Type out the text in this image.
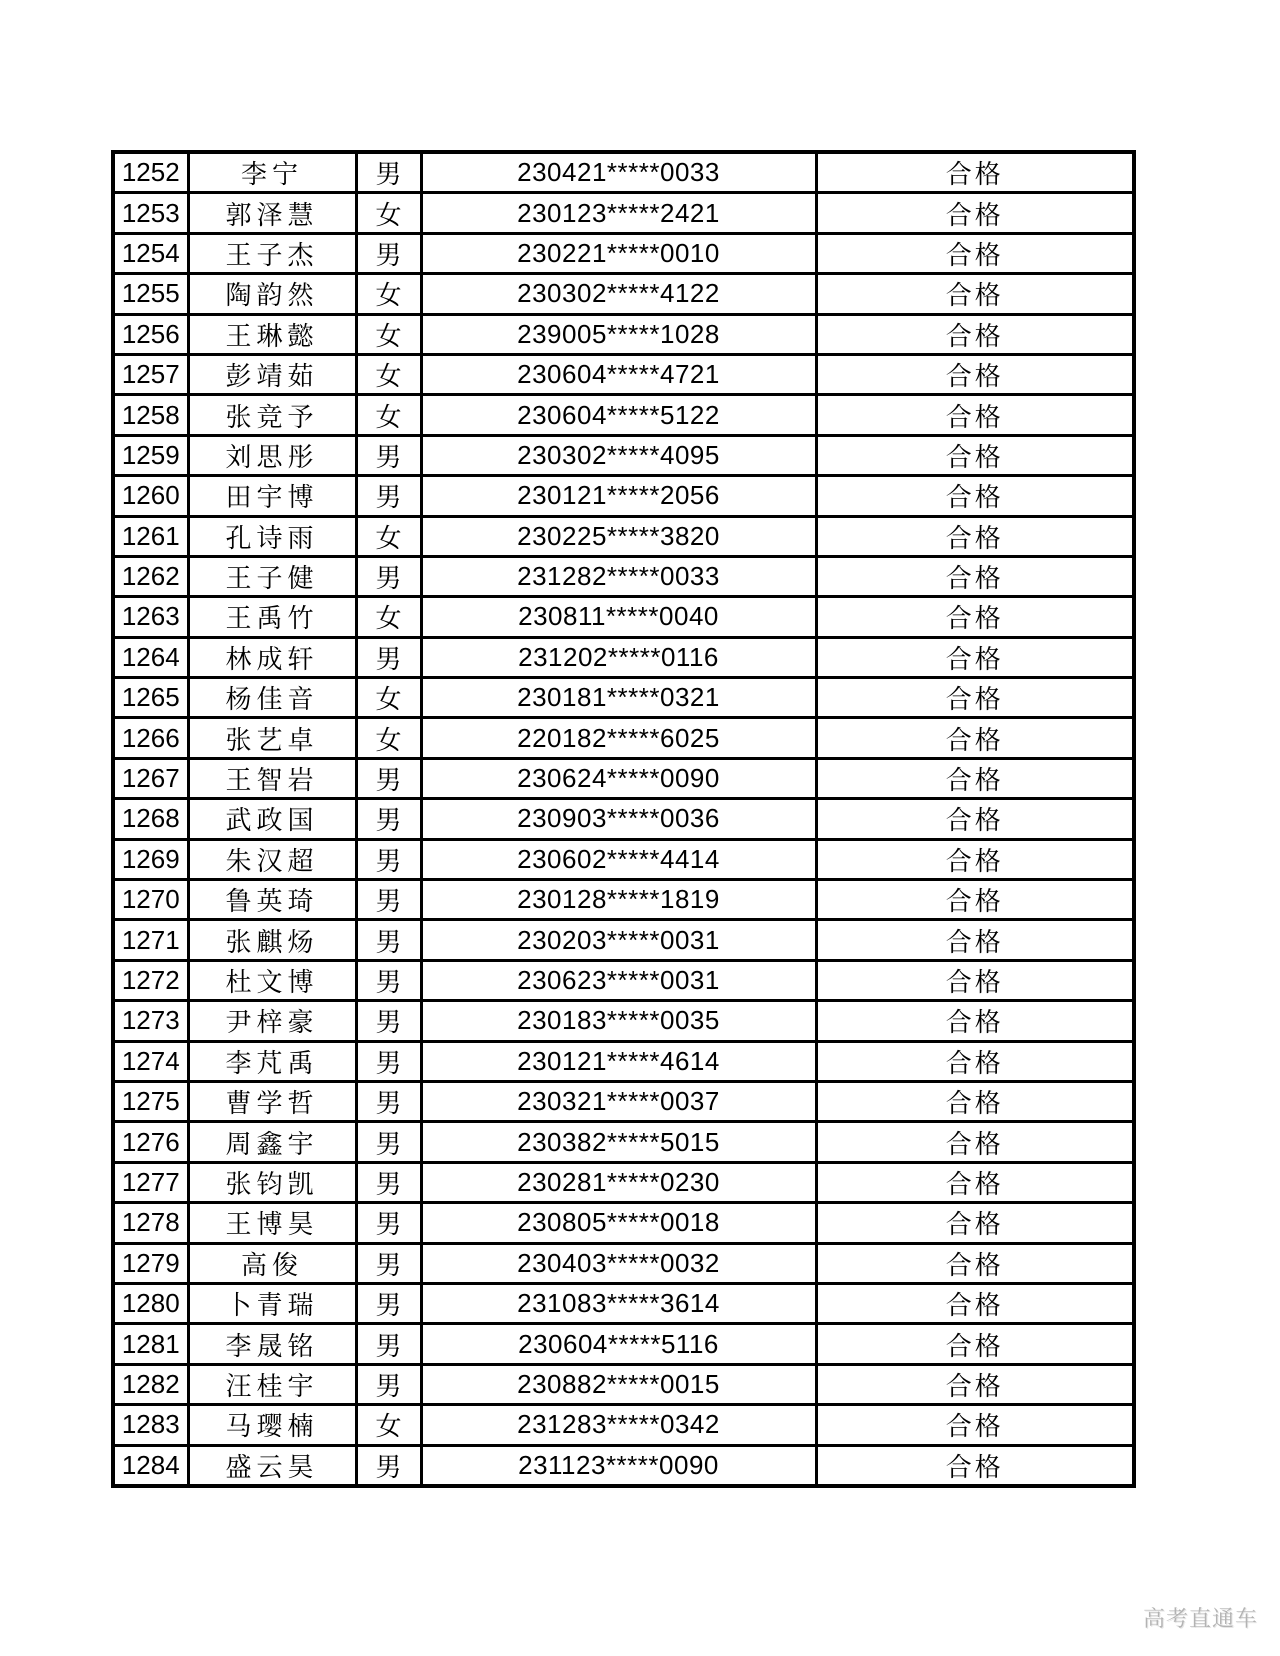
1252	李宁	男	230421*****0033	合格
1253	郭泽慧	女	230123*****2421	合格
1254	王子杰	男	230221*****0010	合格
1255	陶韵然	女	230302*****4122	合格
1256	王琳懿	女	239005*****1028	合格
1257	彭靖茹	女	230604*****4721	合格
1258	张竞予	女	230604*****5122	合格
1259	刘思彤	男	230302*****4095	合格
1260	田宇博	男	230121*****2056	合格
1261	孔诗雨	女	230225*****3820	合格
1262	王子健	男	231282*****0033	合格
1263	王禹竹	女	230811*****0040	合格
1264	林成轩	男	231202*****0116	合格
1265	杨佳音	女	230181*****0321	合格
1266	张艺卓	女	220182*****6025	合格
1267	王智岩	男	230624*****0090	合格
1268	武政国	男	230903*****0036	合格
1269	朱汉超	男	230602*****4414	合格
1270	鲁英琦	男	230128*****1819	合格
1271	张麒炀	男	230203*****0031	合格
1272	杜文博	男	230623*****0031	合格
1273	尹梓豪	男	230183*****0035	合格
1274	李芃禹	男	230121*****4614	合格
1275	曹学哲	男	230321*****0037	合格
1276	周鑫宇	男	230382*****5015	合格
1277	张钧凯	男	230281*****0230	合格
1278	王博昊	男	230805*****0018	合格
1279	高俊	男	230403*****0032	合格
1280	卜青瑞	男	231083*****3614	合格
1281	李晟铭	男	230604*****5116	合格
1282	汪桂宇	男	230882*****0015	合格
1283	马璎楠	女	231283*****0342	合格
1284	盛云昊	男	231123*****0090	合格
高考直通车
